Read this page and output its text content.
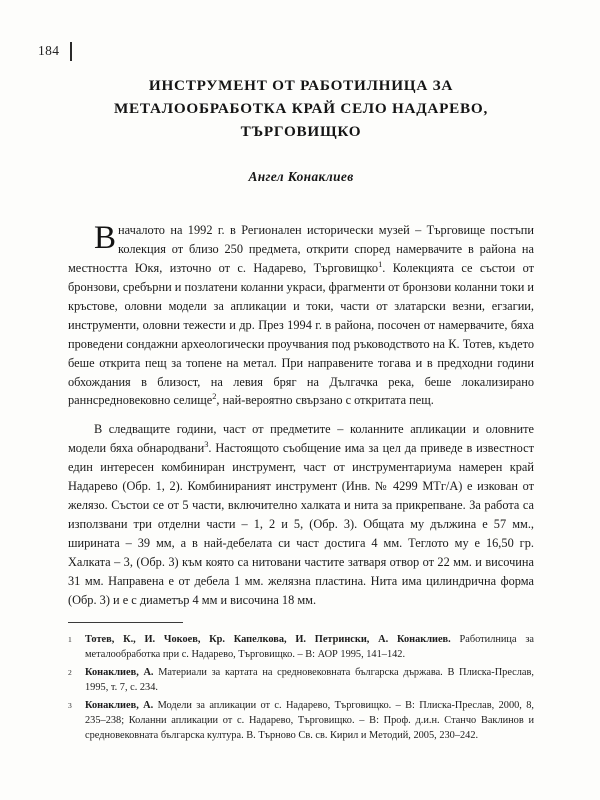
184
ИНСТРУМЕНТ ОТ РАБОТИЛНИЦА ЗА
МЕТАЛООБРАБОТКА КРАЙ СЕЛО НАДАРЕВО,
ТЪРГОВИЩКО
Ангел Конаклиев

Вначалото на 1992 г. в Регионален исторически музей – Търговище постъпи колекция от близо 250 предмета, открити според намервачите в района на местността Юкя, източно от с. Надарево, Търговищко$^1$. Колекцията се състои от бронзови, сребърни и позлатени коланни украси, фрагменти от бронзови коланни токи и кръстове, оловни модели за апликации и токи, части от златарски везни, егзагии, инструменти, оловни тежести и др. През 1994 г. в района, посочен от намервачите, бяха проведени сондажни археологически проучвания под ръководството на К. Тотев, където беше открита пещ за топене на метал. При направените тогава и в предходни години обхождания в близост, на левия бряг на Дългачка река, беше локализирано раннсредновековно селище$^2$, най-вероятно свързано с откритата пещ.

В следващите години, част от предметите – коланните апликации и оловните модели бяха обнародвани$^3$. Настоящото съобщение има за цел да приведе в известност един интересен комбиниран инструмент, част от инструментариума намерен край Надарево (Обр. 1, 2). Комбинираният инструмент (Инв. № 4299 МТг/А) е изкован от желязо. Състои се от 5 части, включително халката и нита за прикрепване. За работа са използвани три отделни части – 1, 2 и 5, (Обр. 3). Общата му дължина е 57 мм., ширината – 39 мм, а в най-дебелата си част достига 4 мм. Теглото му е 16,50 гр. Халката – 3, (Обр. 3) към която са нитовани частите затваря отвор от 22 мм. и височина 31 мм. Направена е от дебела 1 мм. желязна пластина. Нита има цилиндрична форма (Обр. 3) и е с диаметър 4 мм и височина 18 мм.

1	Тотев, К., И. Чокоев, Кр. Капелкова, И. Петрински, А. Конаклиев. Работилница за металообработка при с. Надарево, Търговищко. – В: АОР 1995, 141–142.
2	Конаклиев, А. Материали за картата на средновековната българска държава. В Плиска-Преслав, 1995, т. 7, с. 234.
3	Конаклиев, А. Модели за апликации от с. Надарево, Търговищко. – В: Плиска-Преслав, 2000, 8, 235–238; Коланни апликации от с. Надарево, Търговищко. – В: Проф. д.и.н. Станчо Ваклинов и средновековната българска култура. В. Търново Св. св. Кирил и Методий, 2005, 230–242.
